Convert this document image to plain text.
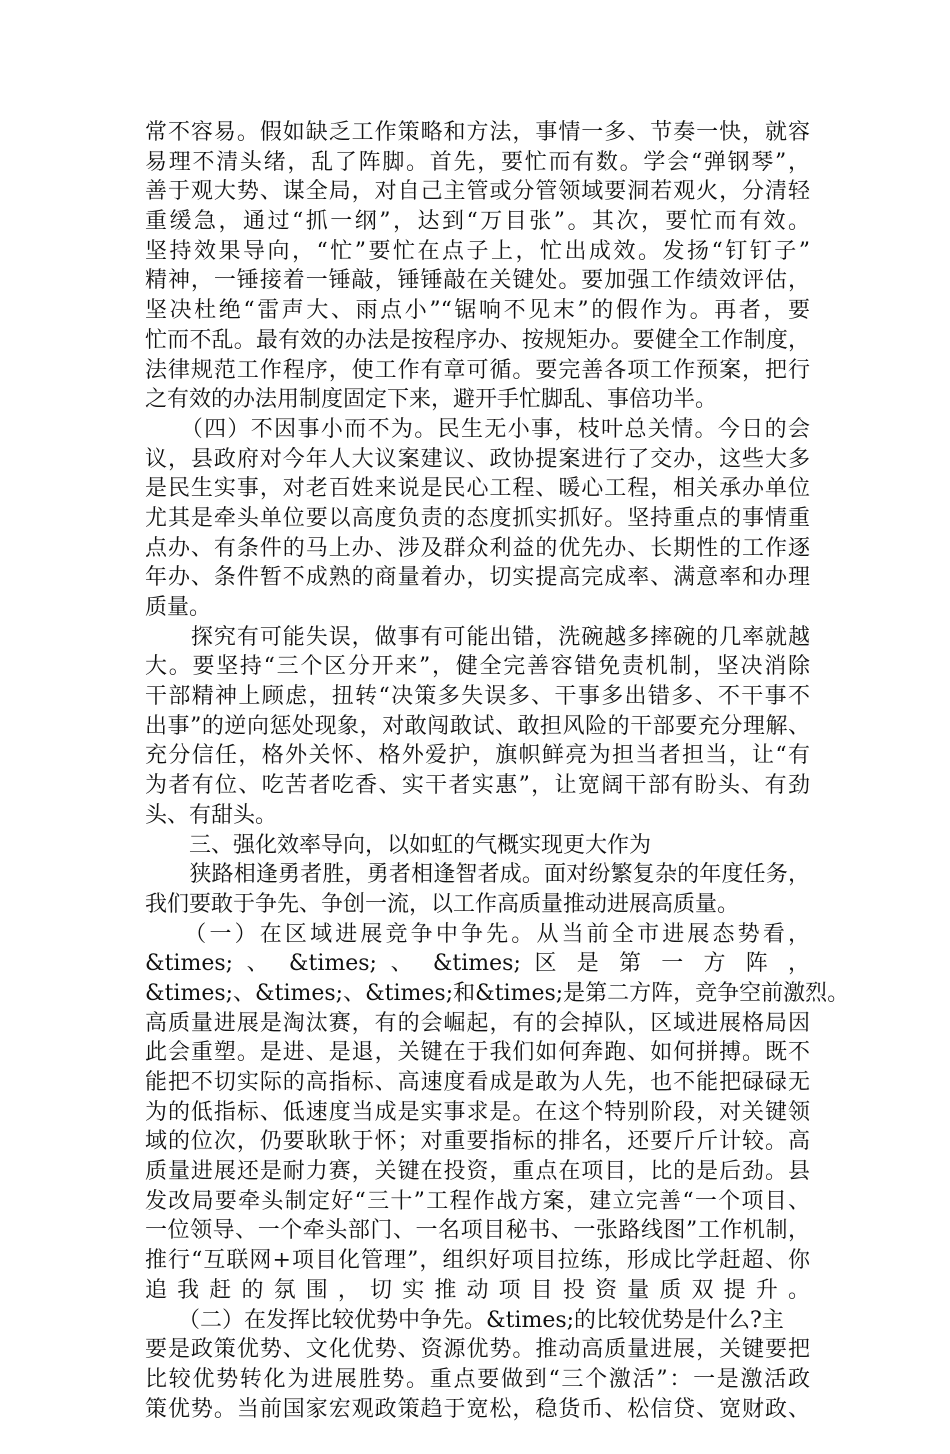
常不容易。假如缺乏工作策略和方法，事情一多、节奏一快，就容
易理不清头绪，乱了阵脚。首先，要忙而有数。学会“弹钢琴”，
善于观大势、谋全局，对自己主管或分管领域要洞若观火，分清轻
重缓急，通过“抓一纲”，达到“万目张”。其次，要忙而有效。
坚持效果导向，“忙”要忙在点子上，忙出成效。发扬“钉钉子”
精神，一锤接着一锤敲，锤锤敲在关键处。要加强工作绩效评估，
坚决杜绝“雷声大、雨点小”“锯响不见末”的假作为。再者，要
忙而不乱。最有效的办法是按程序办、按规矩办。要健全工作制度，
法律规范工作程序，使工作有章可循。要完善各项工作预案，把行
之有效的办法用制度固定下来，避开手忙脚乱、事倍功半。
　　（四）不因事小而不为。民生无小事，枝叶总关情。今日的会
议，县政府对今年人大议案建议、政协提案进行了交办，这些大多
是民生实事，对老百姓来说是民心工程、暖心工程，相关承办单位
尤其是牵头单位要以高度负责的态度抓实抓好。坚持重点的事情重
点办、有条件的马上办、涉及群众利益的优先办、长期性的工作逐
年办、条件暂不成熟的商量着办，切实提高完成率、满意率和办理
质量。
　　探究有可能失误，做事有可能出错，洗碗越多摔碗的几率就越
大。要坚持“三个区分开来”，健全完善容错免责机制，坚决消除
干部精神上顾虑，扭转“决策多失误多、干事多出错多、不干事不
出事”的逆向惩处现象，对敢闯敢试、敢担风险的干部要充分理解、
充分信任，格外关怀、格外爱护，旗帜鲜亮为担当者担当，让“有
为者有位、吃苦者吃香、实干者实惠”，让宽阔干部有盼头、有劲
头、有甜头。
　　三、强化效率导向，以如虹的气概实现更大作为
　　狭路相逢勇者胜，勇者相逢智者成。面对纷繁复杂的年度任务，
我们要敢于争先、争创一流，以工作高质量推动进展高质量。
　　（一）在区域进展竞争中争先。从当前全市进展态势看，
&times; 、 &times; 、 &times; 区 是 第 一 方 阵 ，
&times;、&times;、&times;和&times;是第二方阵，竞争空前激烈。
高质量进展是淘汰赛，有的会崛起，有的会掉队，区域进展格局因
此会重塑。是进、是退，关键在于我们如何奔跑、如何拼搏。既不
能把不切实际的高指标、高速度看成是敢为人先，也不能把碌碌无
为的低指标、低速度当成是实事求是。在这个特别阶段，对关键领
域的位次，仍要耿耿于怀；对重要指标的排名，还要斤斤计较。高
质量进展还是耐力赛，关键在投资，重点在项目，比的是后劲。县
发改局要牵头制定好“三十”工程作战方案，建立完善“一个项目、
一位领导、一个牵头部门、一名项目秘书、一张路线图”工作机制，
推行“互联网+项目化管理”，组织好项目拉练，形成比学赶超、你
追我赶的氛围，切实推动项目投资量质双提升。
　　（二）在发挥比较优势中争先。&times;的比较优势是什么?主
要是政策优势、文化优势、资源优势。推动高质量进展，关键要把
比较优势转化为进展胜势。重点要做到“三个激活”：一是激活政
策优势。当前国家宏观政策趋于宽松，稳货币、松信贷、宽财政、
